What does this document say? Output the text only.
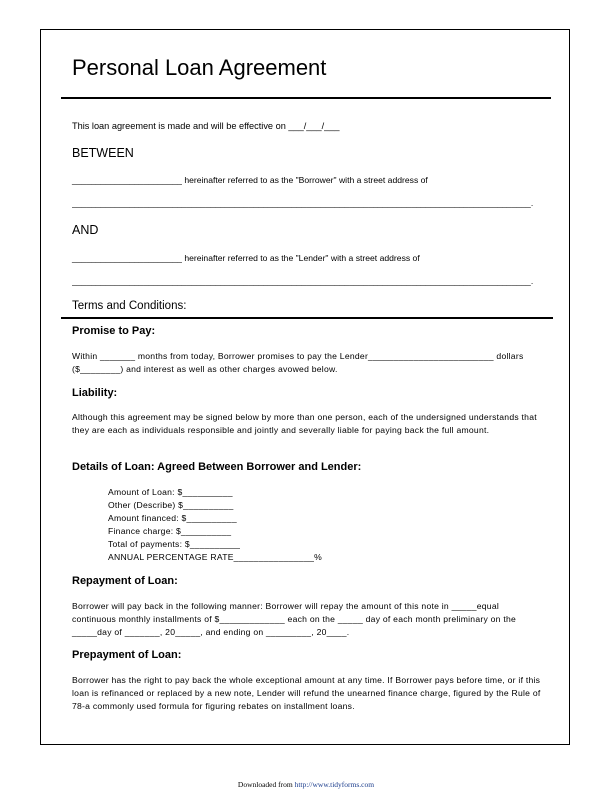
Personal Loan Agreement
This loan agreement is made and will be effective on ___/___/___
BETWEEN
_______________________ hereinafter referred to as the "Borrower" with a street address of
________________________________________________________________________________________________.
AND
_______________________ hereinafter referred to as the "Lender" with a street address of
________________________________________________________________________________________________.
Terms and Conditions:
Promise to Pay:
Within _______ months from today, Borrower promises to pay the Lender_________________________ dollars ($________) and interest as well as other charges avowed below.
Liability:
Although this agreement may be signed below by more than one person, each of the undersigned understands that they are each as individuals responsible and jointly and severally liable for paying back the full amount.
Details of Loan: Agreed Between Borrower and Lender:
Amount of Loan: $__________
Other (Describe) $__________
Amount financed: $__________
Finance charge: $__________
Total of payments: $__________
ANNUAL PERCENTAGE RATE________________%
Repayment of Loan:
Borrower will pay back in the following manner: Borrower will repay the amount of this note in _____equal continuous monthly installments of $_____________ each on the _____ day of each month preliminary on the _____day of _______, 20_____, and ending on _________, 20____.
Prepayment of Loan:
Borrower has the right to pay back the whole exceptional amount at any time. If Borrower pays before time, or if this loan is refinanced or replaced by a new note, Lender will refund the unearned finance charge, figured by the Rule of 78-a commonly used formula for figuring rebates on installment loans.
Downloaded from http://www.tidyforms.com
